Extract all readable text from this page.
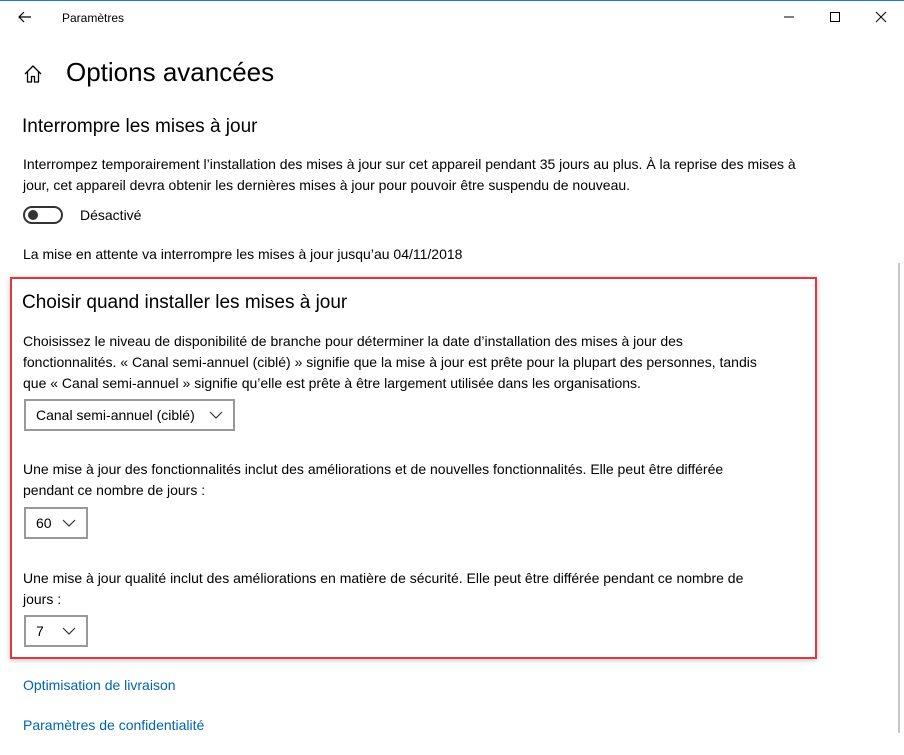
Paramètres
Options avancées
Interrompre les mises à jour
Interrompez temporairement l’installation des mises à jour sur cet appareil pendant 35 jours au plus. À la reprise des mises à
jour, cet appareil devra obtenir les dernières mises à jour pour pouvoir être suspendu de nouveau.
Désactivé
La mise en attente va interrompre les mises à jour jusqu’au 04/11/2018
Choisir quand installer les mises à jour
Choisissez le niveau de disponibilité de branche pour déterminer la date d’installation des mises à jour des
fonctionnalités. « Canal semi-annuel (ciblé) » signifie que la mise à jour est prête pour la plupart des personnes, tandis
que « Canal semi-annuel » signifie qu’elle est prête à être largement utilisée dans les organisations.
Canal semi-annuel (ciblé)
Une mise à jour des fonctionnalités inclut des améliorations et de nouvelles fonctionnalités. Elle peut être différée
pendant ce nombre de jours :
60
Une mise à jour qualité inclut des améliorations en matière de sécurité. Elle peut être différée pendant ce nombre de
jours :
7
Optimisation de livraison
Paramètres de confidentialité
